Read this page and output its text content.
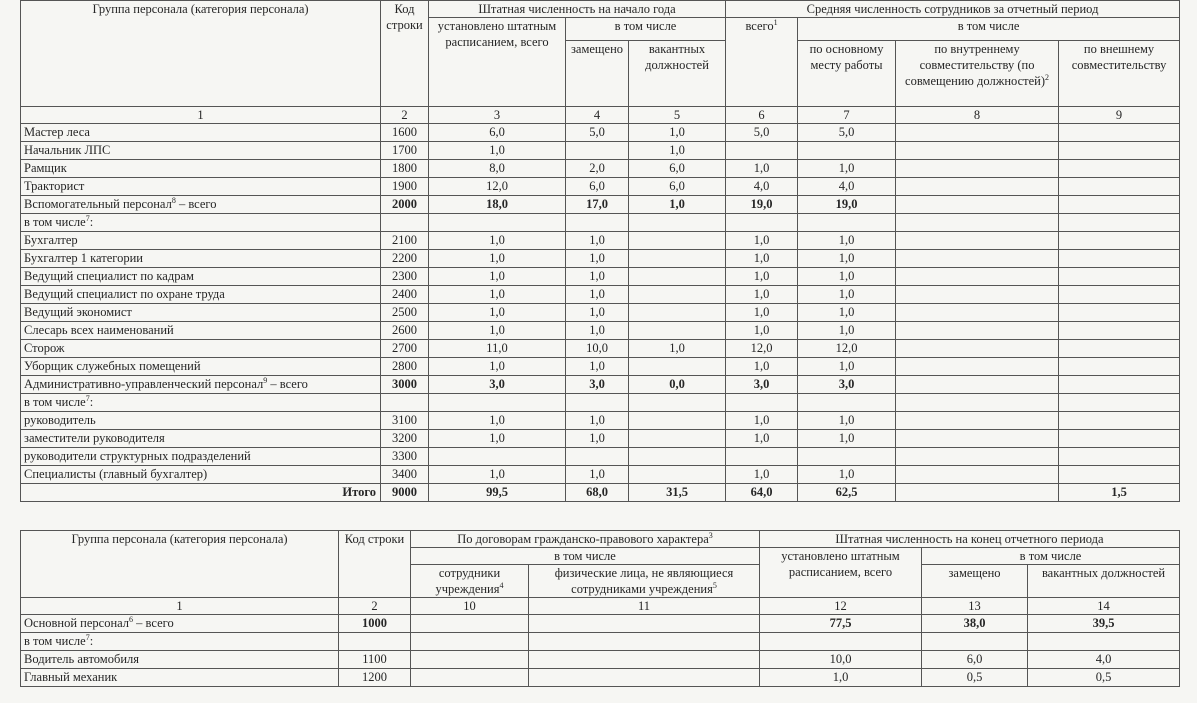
Группа персонала (категория персонала)	Код строки	Штатная численность на начало года			Средняя численность сотрудников за отчетный период			
		установлено штатным расписанием, всего	в том числе		всего$^1$	в том числе		
			замещено	вакантных должностей		по основному месту работы	по внутреннему совместительству (по совмещению должностей)$^2$	по внешнему совместительству
1	2	3	4	5	6	7	8	9
Мастер леса	1600	6,0	5,0	1,0	5,0	5,0		
Начальник ЛПС	1700	1,0		1,0				
Рамщик	1800	8,0	2,0	6,0	1,0	1,0		
Тракторист	1900	12,0	6,0	6,0	4,0	4,0		
Вспомогательный персонал$^8$ – всего	2000	18,0	17,0	1,0	19,0	19,0		
в том числе$^7$:								
Бухгалтер	2100	1,0	1,0		1,0	1,0		
Бухгалтер 1 категории	2200	1,0	1,0		1,0	1,0		
Ведущий специалист по кадрам	2300	1,0	1,0		1,0	1,0		
Ведущий специалист по охране труда	2400	1,0	1,0		1,0	1,0		
Ведущий экономист	2500	1,0	1,0		1,0	1,0		
Слесарь всех наименований	2600	1,0	1,0		1,0	1,0		
Сторож	2700	11,0	10,0	1,0	12,0	12,0		
Уборщик служебных помещений	2800	1,0	1,0		1,0	1,0		
Административно-управленческий персонал$^9$ – всего	3000	3,0	3,0	0,0	3,0	3,0		
в том числе$^7$:								
руководитель	3100	1,0	1,0		1,0	1,0		
заместители руководителя	3200	1,0	1,0		1,0	1,0		
руководители структурных подразделений	3300							
Специалисты (главный бухгалтер)	3400	1,0	1,0		1,0	1,0		
Итого	9000	99,5	68,0	31,5	64,0	62,5		1,5
Группа персонала (категория персонала)	Код строки	По договорам гражданско-правового характера$^3$		Штатная численность на конец отчетного периода		
		в том числе		установлено штатным расписанием, всего	в том числе	
		сотрудники учреждения$^4$	физические лица, не являющиеся сотрудниками учреждения$^5$		замещено	вакантных должностей
1	2	10	11	12	13	14
Основной персонал$^6$ – всего	1000			77,5	38,0	39,5
в том числе$^7$:						
Водитель автомобиля	1100			10,0	6,0	4,0
Главный механик	1200			1,0	0,5	0,5
